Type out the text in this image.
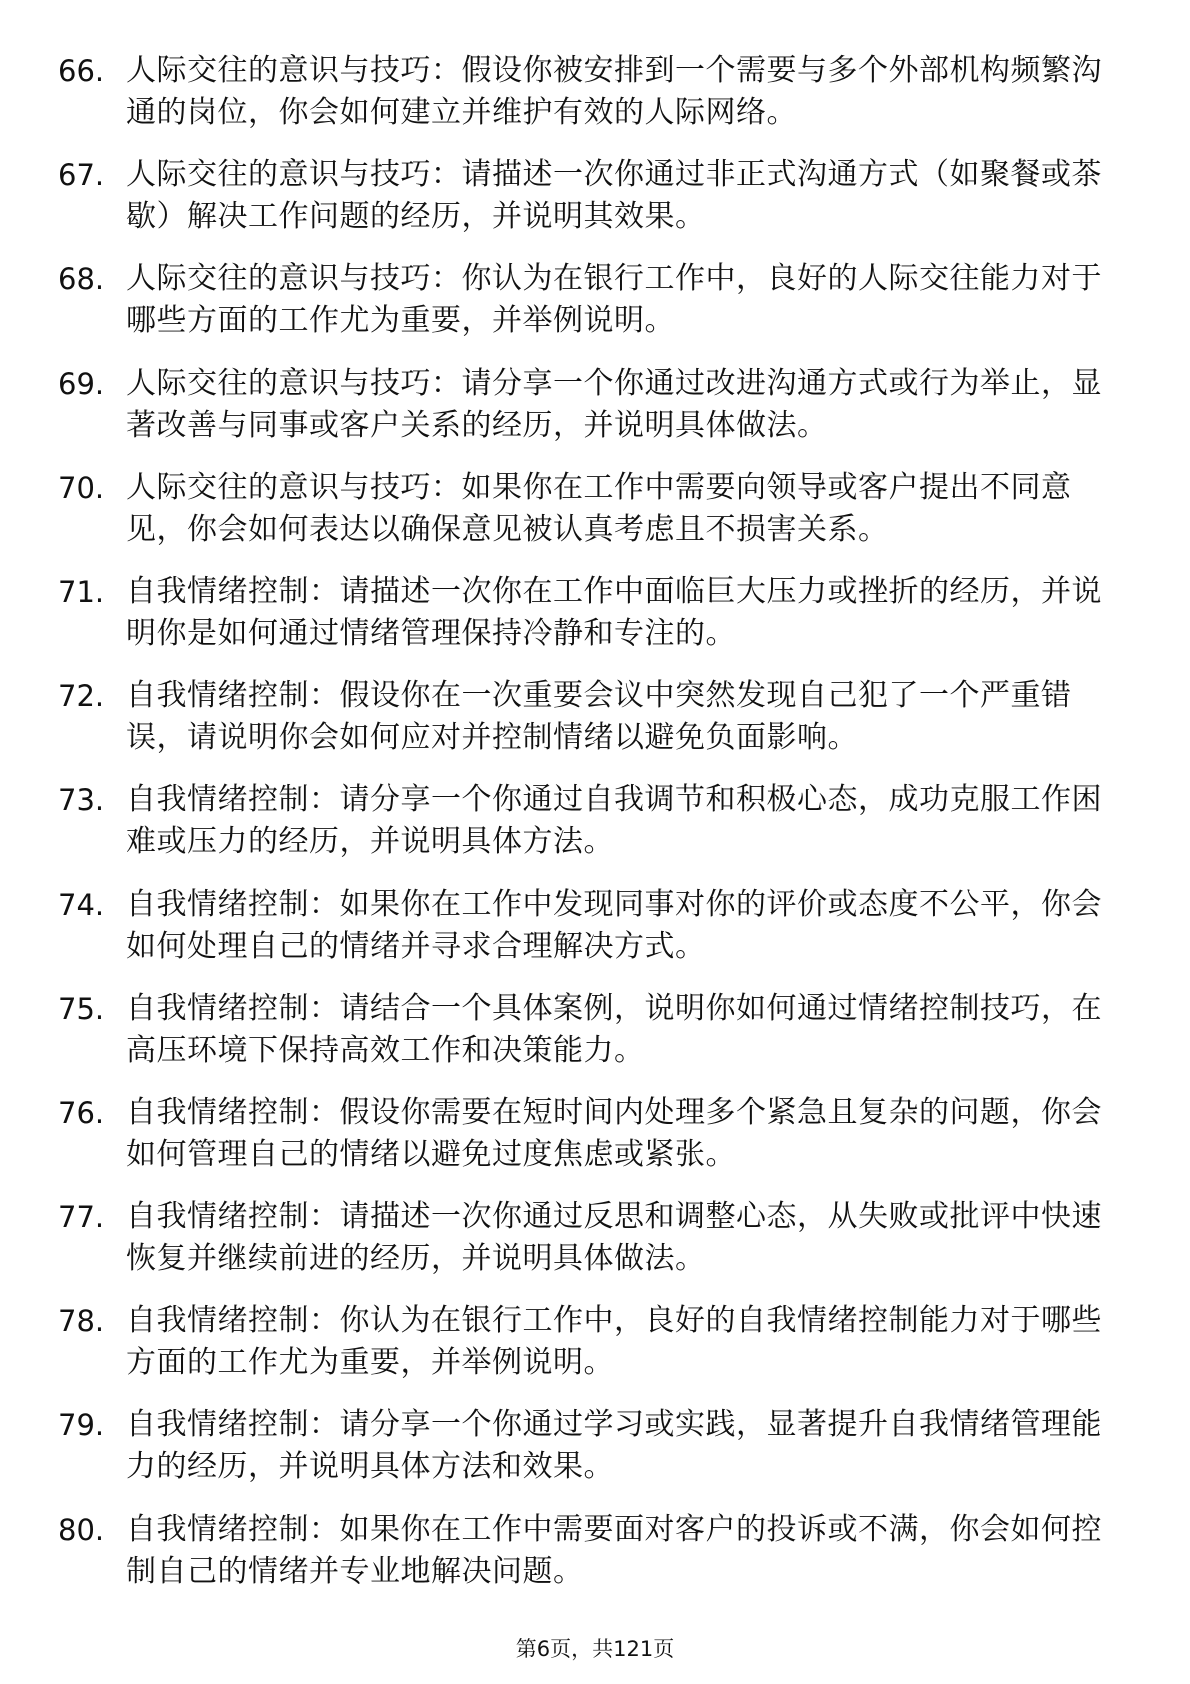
66. 人际交往的意识与技巧：假设你被安排到一个需要与多个外部机构频繁沟通的岗位，你会如何建立并维护有效的人际网络。
67. 人际交往的意识与技巧：请描述一次你通过非正式沟通方式（如聚餐或茶歇）解决工作问题的经历，并说明其效果。
68. 人际交往的意识与技巧：你认为在银行工作中，良好的人际交往能力对于哪些方面的工作尤为重要，并举例说明。
69. 人际交往的意识与技巧：请分享一个你通过改进沟通方式或行为举止，显著改善与同事或客户关系的经历，并说明具体做法。
70. 人际交往的意识与技巧：如果你在工作中需要向领导或客户提出不同意见，你会如何表达以确保意见被认真考虑且不损害关系。
71. 自我情绪控制：请描述一次你在工作中面临巨大压力或挫折的经历，并说明你是如何通过情绪管理保持冷静和专注的。
72. 自我情绪控制：假设你在一次重要会议中突然发现自己犯了一个严重错误，请说明你会如何应对并控制情绪以避免负面影响。
73. 自我情绪控制：请分享一个你通过自我调节和积极心态，成功克服工作困难或压力的经历，并说明具体方法。
74. 自我情绪控制：如果你在工作中发现同事对你的评价或态度不公平，你会如何处理自己的情绪并寻求合理解决方式。
75. 自我情绪控制：请结合一个具体案例，说明你如何通过情绪控制技巧，在高压环境下保持高效工作和决策能力。
76. 自我情绪控制：假设你需要在短时间内处理多个紧急且复杂的问题，你会如何管理自己的情绪以避免过度焦虑或紧张。
77. 自我情绪控制：请描述一次你通过反思和调整心态，从失败或批评中快速恢复并继续前进的经历，并说明具体做法。
78. 自我情绪控制：你认为在银行工作中，良好的自我情绪控制能力对于哪些方面的工作尤为重要，并举例说明。
79. 自我情绪控制：请分享一个你通过学习或实践，显著提升自我情绪管理能力的经历，并说明具体方法和效果。
80. 自我情绪控制：如果你在工作中需要面对客户的投诉或不满，你会如何控制自己的情绪并专业地解决问题。
第6页，共121页
